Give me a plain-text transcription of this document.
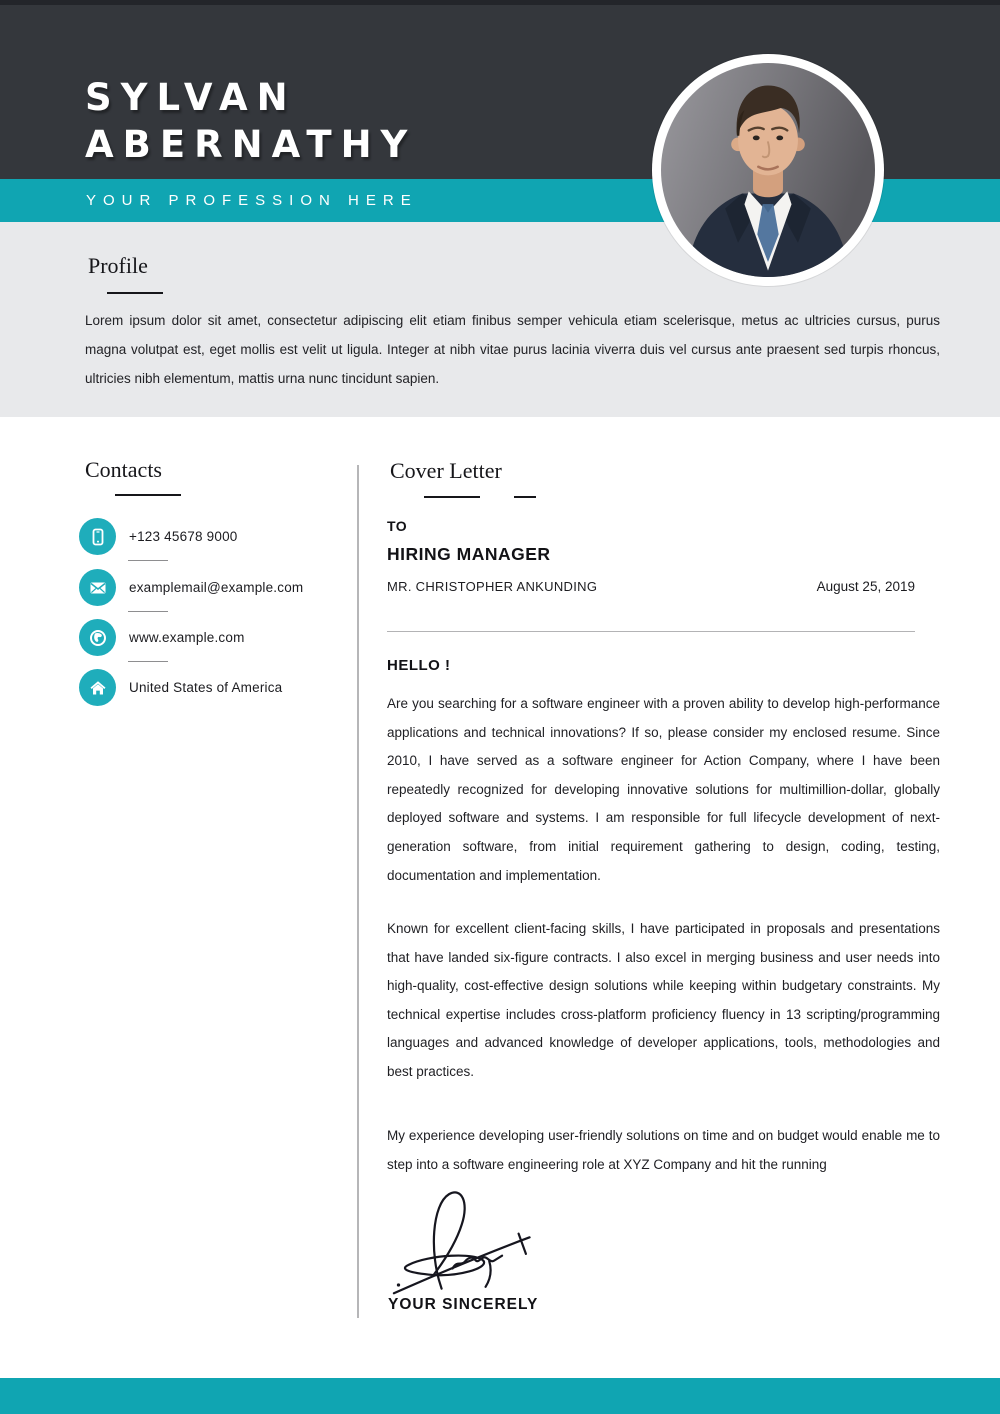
SYLVAN
ABERNATHY
YOUR PROFESSION HERE
Profile

Lorem ipsum dolor sit amet, consectetur adipiscing elit etiam finibus semper vehicula etiam scelerisque, metus ac ultricies cursus, purus magna volutpat est, eget mollis est velit ut ligula. Integer at nibh vitae purus lacinia viverra duis vel cursus ante praesent sed turpis rhoncus, ultricies nibh elementum, mattis urna nunc tincidunt sapien.

Contacts
+123 45678 9000
examplemail@example.com
www.example.com
United States of America
Cover Letter
TO
HIRING MANAGER
MR. CHRISTOPHER ANKUNDING	August 25, 2019
HELLO !

Are you searching for a software engineer with a proven ability to develop high-performance applications and technical innovations? If so, please consider my enclosed resume. Since 2010, I have served as a software engineer for Action Company, where I have been repeatedly recognized for developing innovative solutions for multimillion-dollar, globally deployed software and systems. I am responsible for full lifecycle development of next-generation software, from initial requirement gathering to design, coding, testing, documentation and implementation.

Known for excellent client-facing skills, I have participated in proposals and presentations that have landed six-figure contracts. I also excel in merging business and user needs into high-quality, cost-effective design solutions while keeping within budgetary constraints. My technical expertise includes cross-platform proficiency fluency in 13 scripting/programming languages and advanced knowledge of developer applications, tools, methodologies and best practices.

My experience developing user-friendly solutions on time and on budget would enable me to step into a software engineering role at XYZ Company and hit the running

YOUR SINCERELY
